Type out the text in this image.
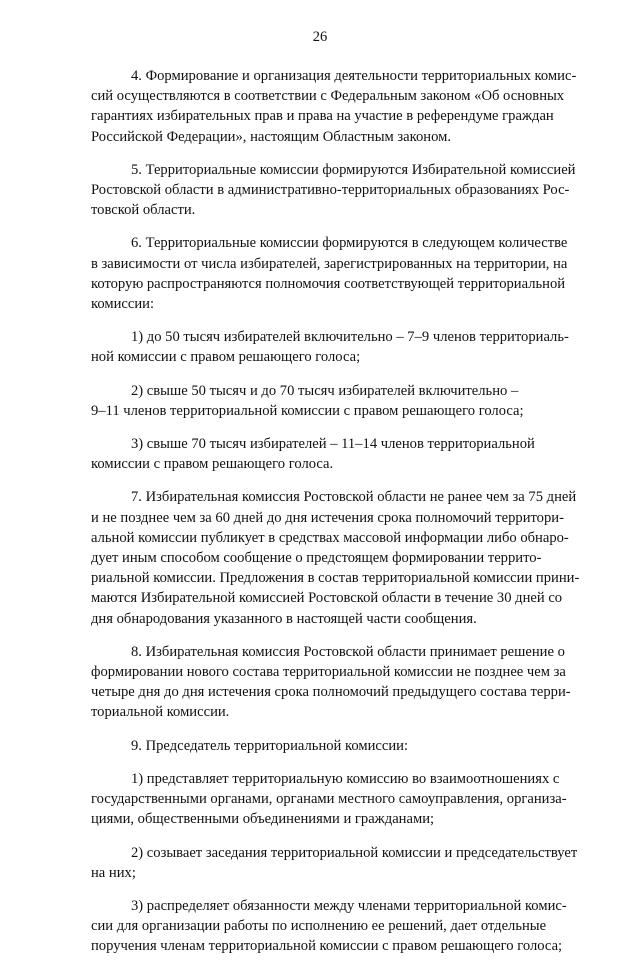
26

4. Формирование и организация деятельности территориальных комис-
сий осуществляются в соответствии с Федеральным законом «Об основных
гарантиях избирательных прав и права на участие в референдуме граждан
Российской Федерации», настоящим Областным законом.

5. Территориальные комиссии формируются Избирательной комиссией
Ростовской области в административно-территориальных образованиях Рос-
товской области.

6. Территориальные комиссии формируются в следующем количестве
в зависимости от числа избирателей, зарегистрированных на территории, на
которую распространяются полномочия соответствующей территориальной
комиссии:

1) до 50 тысяч избирателей включительно – 7–9 членов территориаль-
ной комиссии с правом решающего голоса;

2) свыше 50 тысяч и до 70 тысяч избирателей включительно –
9–11 членов территориальной комиссии с правом решающего голоса;

3) свыше 70 тысяч избирателей – 11–14 членов территориальной
комиссии с правом решающего голоса.

7. Избирательная комиссия Ростовской области не ранее чем за 75 дней
и не позднее чем за 60 дней до дня истечения срока полномочий территори-
альной комиссии публикует в средствах массовой информации либо обнаро-
дует иным способом сообщение о предстоящем формировании террито-
риальной комиссии. Предложения в состав территориальной комиссии прини-
маются Избирательной комиссией Ростовской области в течение 30 дней со
дня обнародования указанного в настоящей части сообщения.

8. Избирательная комиссия Ростовской области принимает решение о
формировании нового состава территориальной комиссии не позднее чем за
четыре дня до дня истечения срока полномочий предыдущего состава терри-
ториальной комиссии.

9. Председатель территориальной комиссии:

1) представляет территориальную комиссию во взаимоотношениях с
государственными органами, органами местного самоуправления, организа-
циями, общественными объединениями и гражданами;

2) созывает заседания территориальной комиссии и председательствует
на них;

3) распределяет обязанности между членами территориальной комис-
сии для организации работы по исполнению ее решений, дает отдельные
поручения членам территориальной комиссии с правом решающего голоса;
